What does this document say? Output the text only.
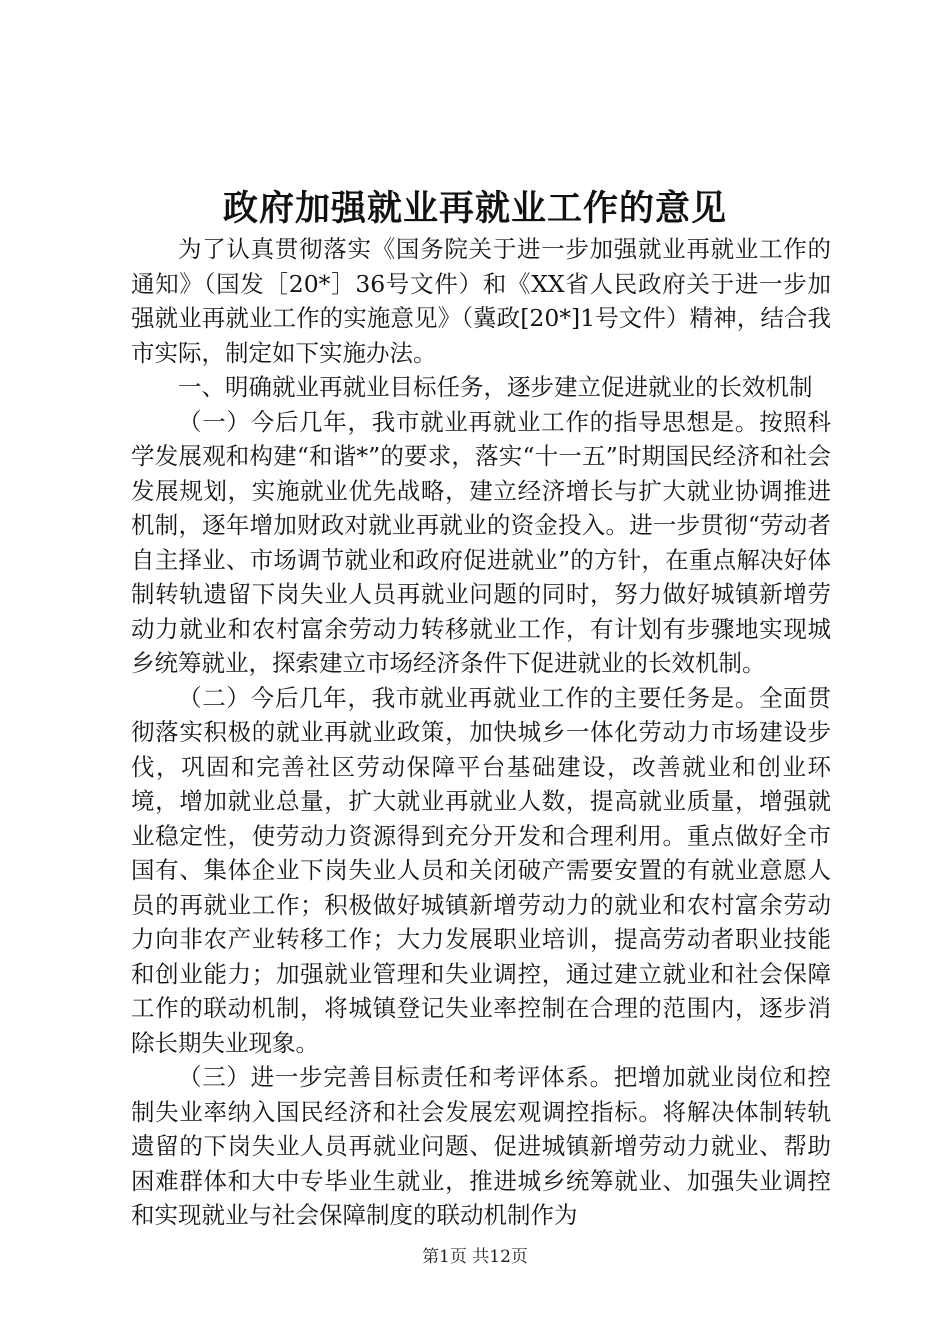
政府加强就业再就业工作的意见

为了认真贯彻落实《国务院关于进一步加强就业再就业工作的通知》（国发［20*］36号文件）和《XX省人民政府关于进一步加强就业再就业工作的实施意见》（冀政[20*]1号文件）精神，结合我市实际，制定如下实施办法。

一、明确就业再就业目标任务，逐步建立促进就业的长效机制

（一）今后几年，我市就业再就业工作的指导思想是。按照科学发展观和构建“和谐*”的要求，落实“十一五”时期国民经济和社会发展规划，实施就业优先战略，建立经济增长与扩大就业协调推进机制，逐年增加财政对就业再就业的资金投入。进一步贯彻“劳动者自主择业、市场调节就业和政府促进就业”的方针，在重点解决好体制转轨遗留下岗失业人员再就业问题的同时，努力做好城镇新增劳动力就业和农村富余劳动力转移就业工作，有计划有步骤地实现城乡统筹就业，探索建立市场经济条件下促进就业的长效机制。

（二）今后几年，我市就业再就业工作的主要任务是。全面贯彻落实积极的就业再就业政策，加快城乡一体化劳动力市场建设步伐，巩固和完善社区劳动保障平台基础建设，改善就业和创业环境，增加就业总量，扩大就业再就业人数，提高就业质量，增强就业稳定性，使劳动力资源得到充分开发和合理利用。重点做好全市国有、集体企业下岗失业人员和关闭破产需要安置的有就业意愿人员的再就业工作；积极做好城镇新增劳动力的就业和农村富余劳动力向非农产业转移工作；大力发展职业培训，提高劳动者职业技能和创业能力；加强就业管理和失业调控，通过建立就业和社会保障工作的联动机制，将城镇登记失业率控制在合理的范围内，逐步消除长期失业现象。

（三）进一步完善目标责任和考评体系。把增加就业岗位和控制失业率纳入国民经济和社会发展宏观调控指标。将解决体制转轨遗留的下岗失业人员再就业问题、促进城镇新增劳动力就业、帮助困难群体和大中专毕业生就业，推进城乡统筹就业、加强失业调控和实现就业与社会保障制度的联动机制作为

第1页 共12页
